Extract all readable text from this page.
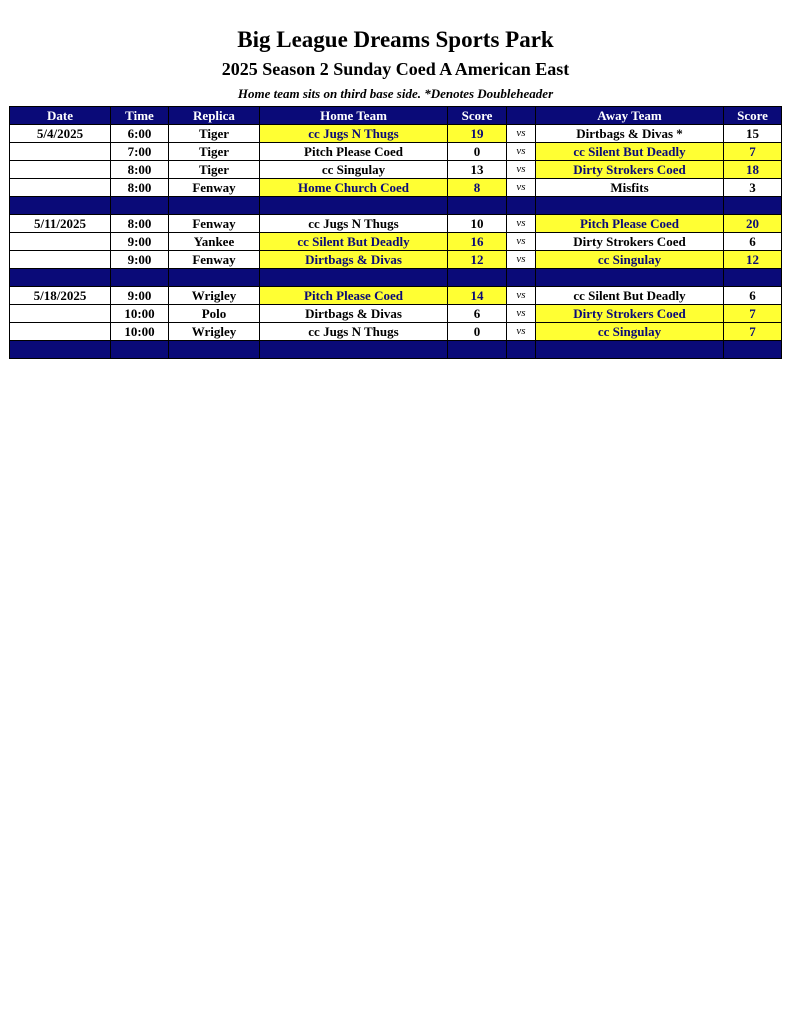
Big League Dreams Sports Park
2025 Season 2 Sunday Coed A American East
Home team sits on third base side. *Denotes Doubleheader
Date	Time	Replica	Home Team	Score		Away Team	Score
5/4/2025	6:00	Tiger	cc Jugs N Thugs	19	vs	Dirtbags & Divas *	15
	7:00	Tiger	Pitch Please Coed	0	vs	cc Silent But Deadly	7
	8:00	Tiger	cc Singulay	13	vs	Dirty Strokers Coed	18
	8:00	Fenway	Home Church Coed	8	vs	Misfits	3

5/11/2025	8:00	Fenway	cc Jugs N Thugs	10	vs	Pitch Please Coed	20
	9:00	Yankee	cc Silent But Deadly	16	vs	Dirty Strokers Coed	6
	9:00	Fenway	Dirtbags & Divas	12	vs	cc Singulay	12

5/18/2025	9:00	Wrigley	Pitch Please Coed	14	vs	cc Silent But Deadly	6
	10:00	Polo	Dirtbags & Divas	6	vs	Dirty Strokers Coed	7
	10:00	Wrigley	cc Jugs N Thugs	0	vs	cc Singulay	7
